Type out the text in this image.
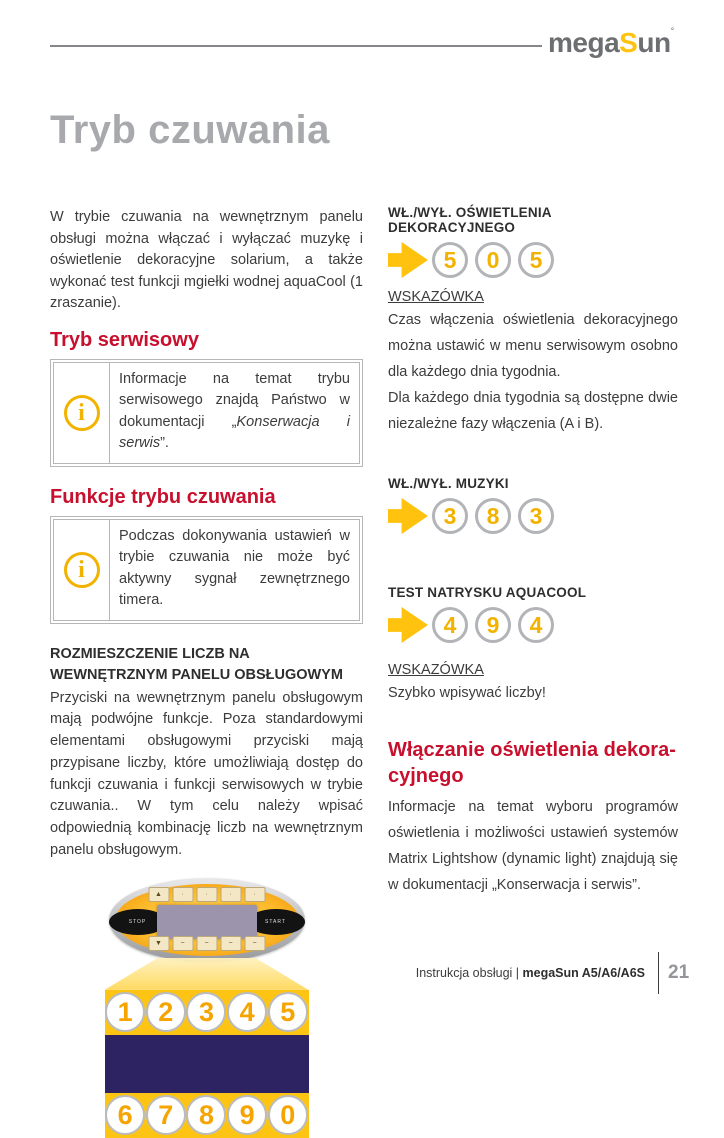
megaSun°
Tryb czuwania

W trybie czuwania na wewnętrznym panelu obsługi można włączać i wyłączać muzykę i oświetlenie dekoracyjne solarium, a także wykonać test funkcji mgiełki wodnej aquaCool (1 zraszanie).

Tryb serwisowy
i
Informacje na temat trybu serwisowego znajdą Państwo w dokumentacji „Konserwacja i serwis”.
Funkcje trybu czuwania
i
Podczas dokonywania ustawień w trybie czuwania nie może być aktywny sygnał zewnętrznego timera.
ROZMIESZCZENIE LICZB NA WEWNĘTRZNYM PANELU OBSŁUGOWYM

Przyciski na wewnętrznym panelu obsługowym mają podwójne funkcje. Poza standardowymi elementami obsługowymi przyciski mają przypisane liczby, które umożliwiają dostęp do funkcji czuwania i funkcji serwisowych w trybie czuwania.. W tym celu należy wpisać odpowiednią kombinację liczb na wewnętrznym panelu obsługowym.

STOP	START
▲	·	·	·	·
▼	−	−	−	−
1 2 3 4 5
6 7 8 9 0
WŁ./WYŁ. OŚWIETLENIA DEKORACYJNEGO
5	0	5
WSKAZÓWKA

Czas włączenia oświetlenia dekoracyjnego można ustawić w menu serwisowym osobno dla każdego dnia tygodnia.

Dla każdego dnia tygodnia są dostępne dwie niezależne fazy włączenia (A i B).

WŁ./WYŁ. MUZYKI
3	8	3
TEST NATRYSKU AQUACOOL
4	9	4
WSKAZÓWKA

Szybko wpisywać liczby!

Włączanie oświetlenia dekora-
cyjnego

Informacje na temat wyboru programów oświetlenia i możliwości ustawień systemów Matrix Lightshow (dynamic light) znajdują się w dokumentacji „Konserwacja i serwis”.

Instrukcja obsługi | megaSun A5/A6/A6S 21
